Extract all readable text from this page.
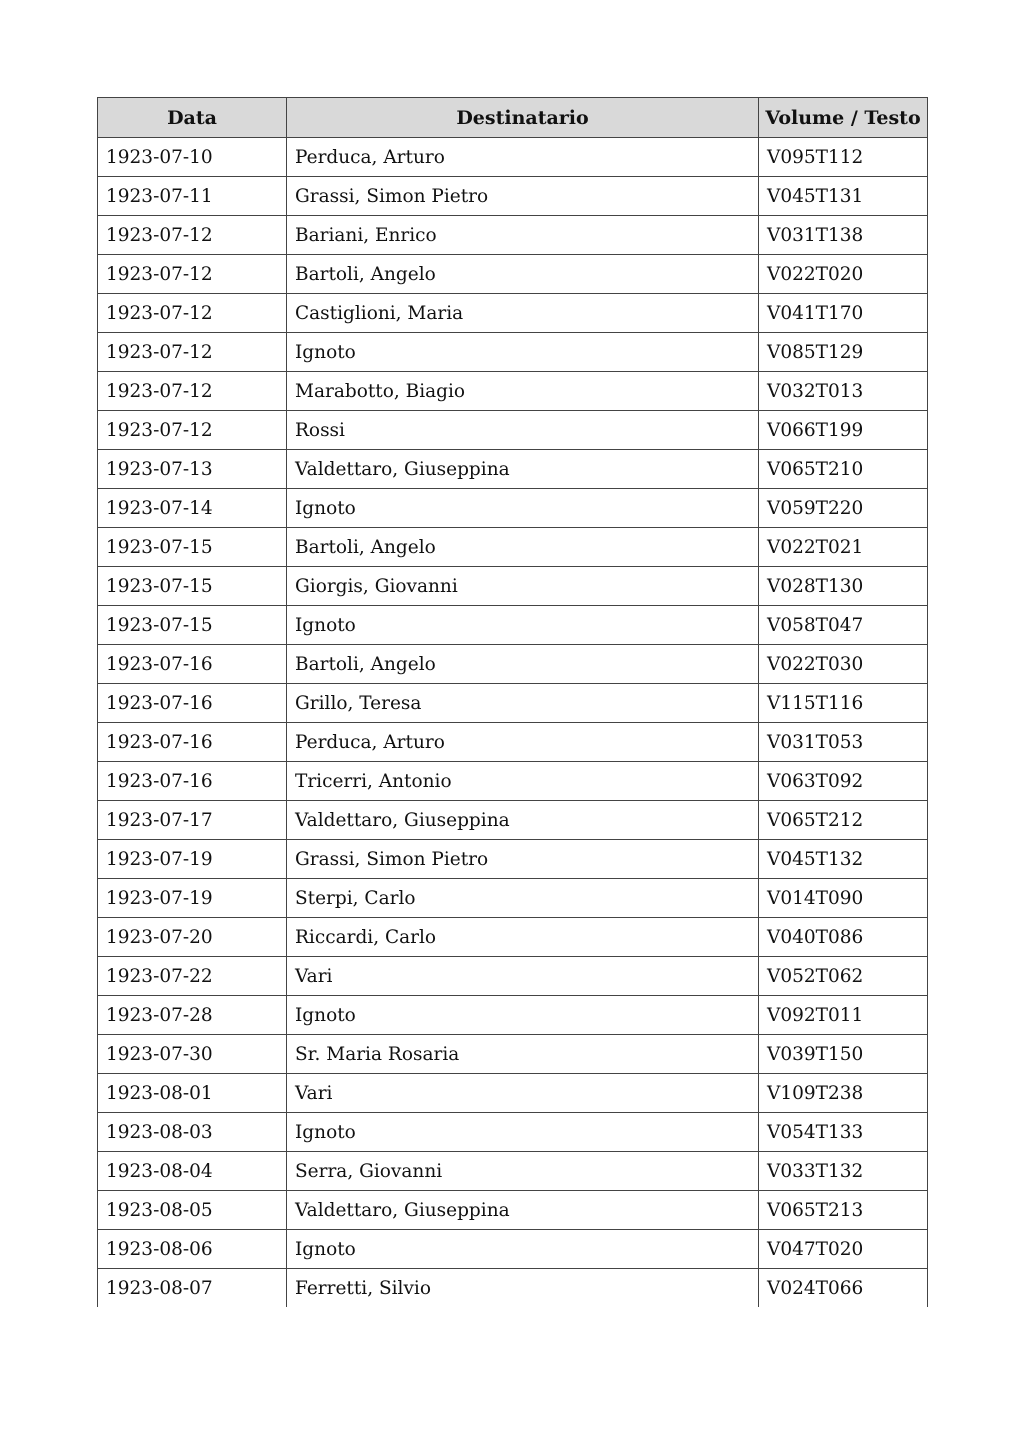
Data	Destinatario	Volume / Testo
1923-07-10	Perduca, Arturo	V095T112
1923-07-11	Grassi, Simon Pietro	V045T131
1923-07-12	Bariani, Enrico	V031T138
1923-07-12	Bartoli, Angelo	V022T020
1923-07-12	Castiglioni, Maria	V041T170
1923-07-12	Ignoto	V085T129
1923-07-12	Marabotto, Biagio	V032T013
1923-07-12	Rossi	V066T199
1923-07-13	Valdettaro, Giuseppina	V065T210
1923-07-14	Ignoto	V059T220
1923-07-15	Bartoli, Angelo	V022T021
1923-07-15	Giorgis, Giovanni	V028T130
1923-07-15	Ignoto	V058T047
1923-07-16	Bartoli, Angelo	V022T030
1923-07-16	Grillo, Teresa	V115T116
1923-07-16	Perduca, Arturo	V031T053
1923-07-16	Tricerri, Antonio	V063T092
1923-07-17	Valdettaro, Giuseppina	V065T212
1923-07-19	Grassi, Simon Pietro	V045T132
1923-07-19	Sterpi, Carlo	V014T090
1923-07-20	Riccardi, Carlo	V040T086
1923-07-22	Vari	V052T062
1923-07-28	Ignoto	V092T011
1923-07-30	Sr. Maria Rosaria	V039T150
1923-08-01	Vari	V109T238
1923-08-03	Ignoto	V054T133
1923-08-04	Serra, Giovanni	V033T132
1923-08-05	Valdettaro, Giuseppina	V065T213
1923-08-06	Ignoto	V047T020
1923-08-07	Ferretti, Silvio	V024T066
